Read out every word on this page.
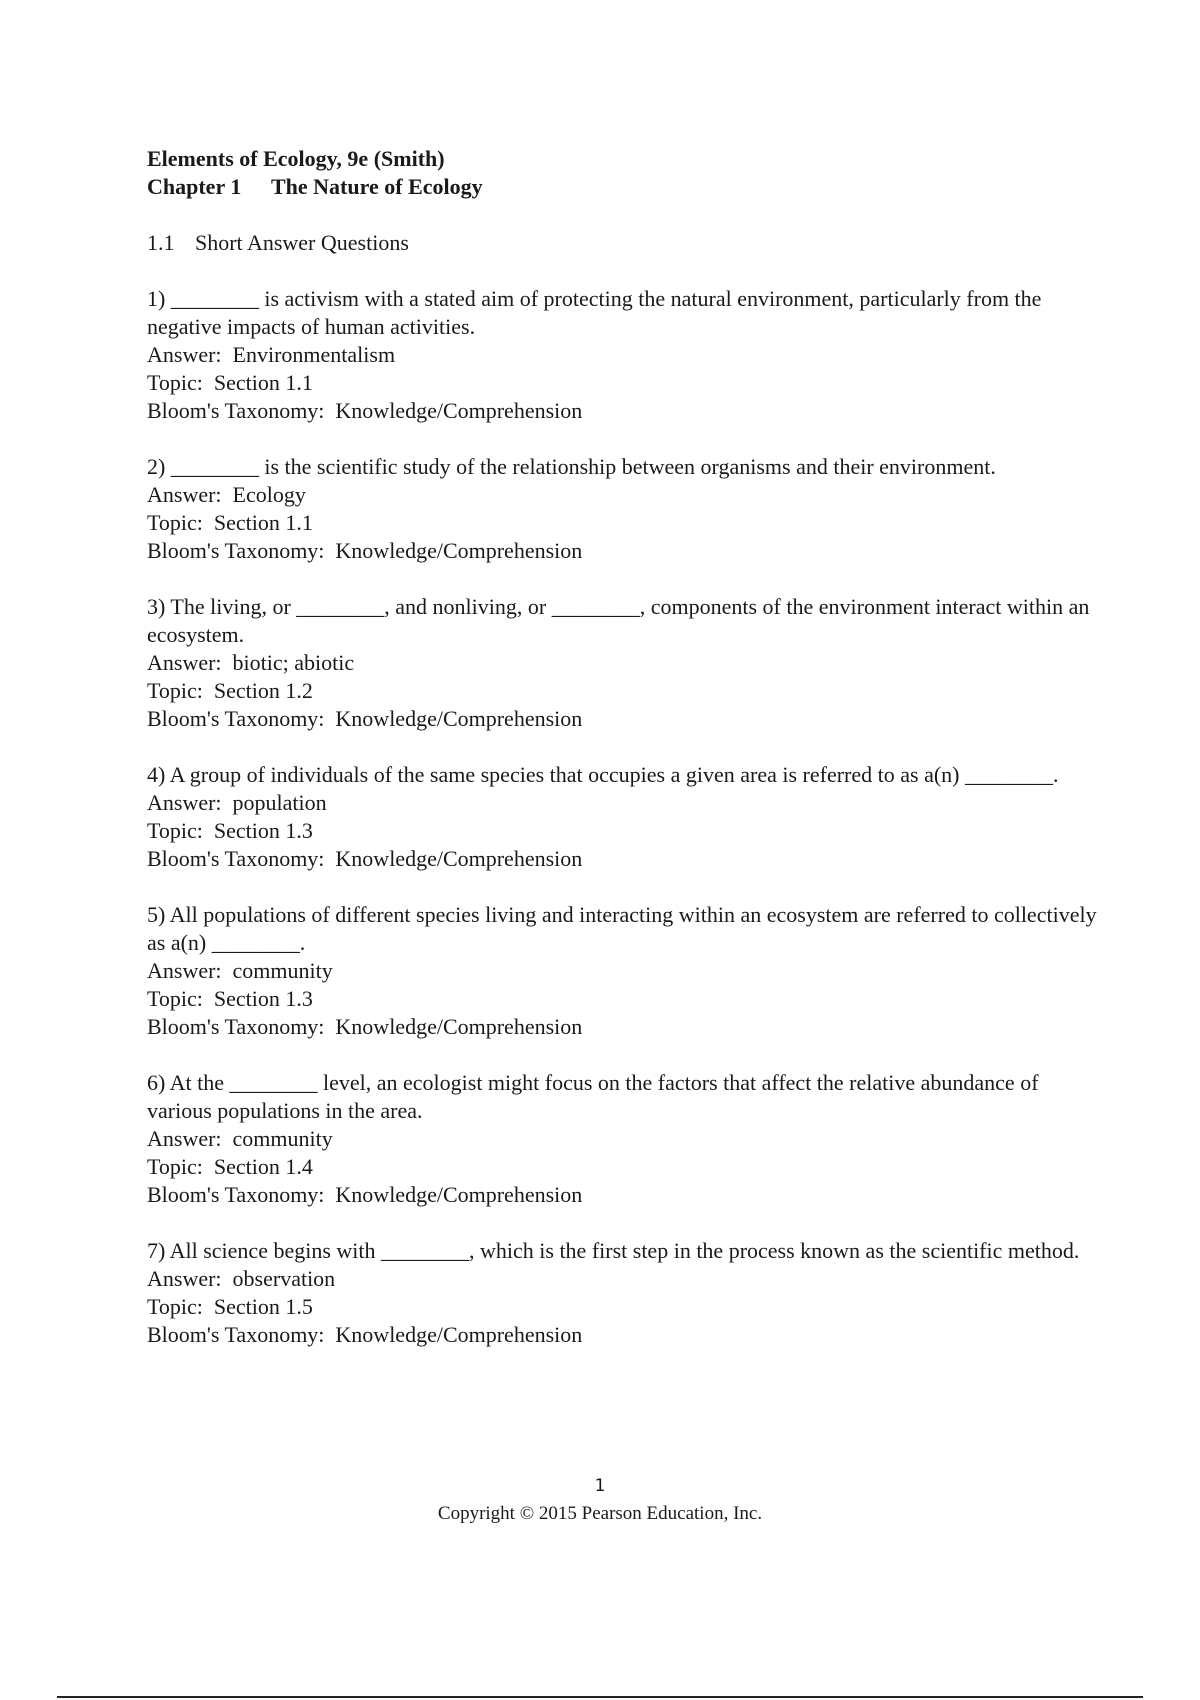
Elements of Ecology, 9e (Smith)
Chapter 1 The Nature of Ecology
1.1 Short Answer Questions
1) ________ is activism with a stated aim of protecting the natural environment, particularly from the negative impacts of human activities.
Answer:  Environmentalism
Topic:  Section 1.1
Bloom's Taxonomy:  Knowledge/Comprehension
2) ________ is the scientific study of the relationship between organisms and their environment.
Answer:  Ecology
Topic:  Section 1.1
Bloom's Taxonomy:  Knowledge/Comprehension
3) The living, or ________, and nonliving, or ________, components of the environment interact within an ecosystem.
Answer:  biotic; abiotic
Topic:  Section 1.2
Bloom's Taxonomy:  Knowledge/Comprehension
4) A group of individuals of the same species that occupies a given area is referred to as a(n) ________.
Answer:  population
Topic:  Section 1.3
Bloom's Taxonomy:  Knowledge/Comprehension
5) All populations of different species living and interacting within an ecosystem are referred to collectively as a(n) ________.
Answer:  community
Topic:  Section 1.3
Bloom's Taxonomy:  Knowledge/Comprehension
6) At the ________ level, an ecologist might focus on the factors that affect the relative abundance of various populations in the area.
Answer:  community
Topic:  Section 1.4
Bloom's Taxonomy:  Knowledge/Comprehension
7) All science begins with ________, which is the first step in the process known as the scientific method.
Answer:  observation
Topic:  Section 1.5
Bloom's Taxonomy:  Knowledge/Comprehension
1
Copyright © 2015 Pearson Education, Inc.
